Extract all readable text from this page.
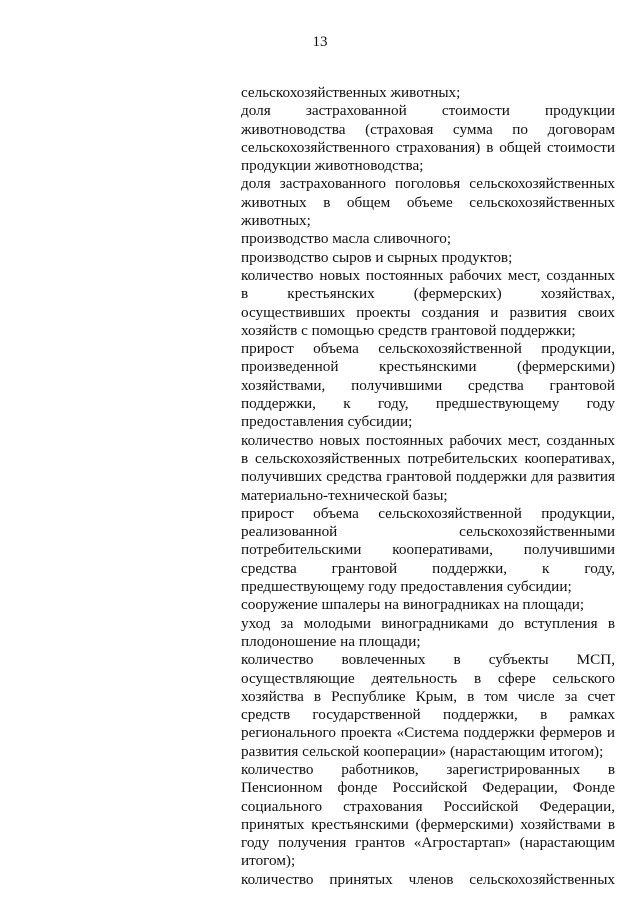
13

сельскохозяйственных животных;

доля застрахованной стоимости продукции животноводства (страховая сумма по договорам сельскохозяйственного страхования) в общей стоимости продукции животноводства;

доля застрахованного поголовья сельскохозяйственных животных в общем объеме сельскохозяйственных животных;

производство масла сливочного;

производство сыров и сырных продуктов;

количество новых постоянных рабочих мест, созданных в крестьянских (фермерских) хозяйствах, осуществивших проекты создания и развития своих хозяйств с помощью средств грантовой поддержки;

прирост объема сельскохозяйственной продукции, произведенной крестьянскими (фермерскими) хозяйствами, получившими средства грантовой поддержки, к году, предшествующему году предоставления субсидии;

количество новых постоянных рабочих мест, созданных в сельскохозяйственных потребительских кооперативах, получивших средства грантовой поддержки для развития материально-технической базы;

прирост объема сельскохозяйственной продукции, реализованной сельскохозяйственными потребительскими кооперативами, получившими средства грантовой поддержки, к году, предшествующему году предоставления субсидии;

сооружение шпалеры на виноградниках на площади;

уход за молодыми виноградниками до вступления в плодоношение на площади;

количество вовлеченных в субъекты МСП, осуществляющие деятельность в сфере сельского хозяйства в Республике Крым, в том числе за счет средств государственной поддержки, в рамках регионального проекта «Система поддержки фермеров и развития сельской кооперации» (нарастающим итогом);

количество работников, зарегистрированных в Пенсионном фонде Российской Федерации, Фонде социального страхования Российской Федерации, принятых крестьянскими (фермерскими) хозяйствами в году получения грантов «Агростартап» (нарастающим итогом);

количество принятых членов сельскохозяйственных
